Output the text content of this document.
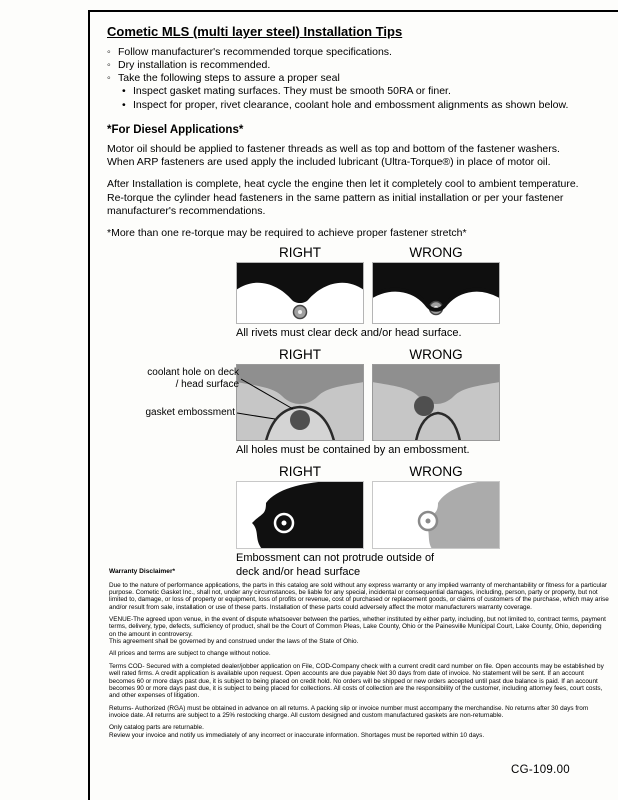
Cometic MLS (multi layer steel) Installation Tips
◦ Follow manufacturer's recommended torque specifications.
◦ Dry installation is recommended.
◦ Take the following steps to assure a proper seal
• Inspect gasket mating surfaces. They must be smooth 50RA or finer.
• Inspect for proper, rivet clearance, coolant hole and embossment alignments as shown below.
*For Diesel Applications*
Motor oil should be applied to fastener threads as well as top and bottom of the fastener washers. When ARP fasteners are used apply the included lubricant (Ultra-Torque®) in place of motor oil.
After Installation is complete, heat cycle the engine then let it completely cool to ambient temperature. Re-torque the cylinder head fasteners in the same pattern as initial installation or per your fastener manufacturer's recommendations.
*More than one re-torque may be required to achieve proper fastener stretch*
RIGHT	WRONG
All rivets must clear deck and/or head surface.
RIGHT	WRONG
coolant hole on deck / head surface
gasket embossment
All holes must be contained by an embossment.
RIGHT	WRONG
Embossment can not protrude outside of deck and/or head surface
Warranty Disclaimer*
Due to the nature of performance applications, the parts in this catalog are sold without any express warranty or any implied warranty of merchantability or fitness for a particular purpose. Cometic Gasket Inc., shall not, under any circumstances, be liable for any special, incidental or consequential damages, including, person, party or property, but not limited to, damage, or loss of property or equipment, loss of profits or revenue, cost of purchased or replacement goods, or claims of customers of the purchase, which may arise and/or result from sale, installation or use of these parts. Installation of these parts could adversely affect the motor manufacturers warranty coverage.
VENUE-The agreed upon venue, in the event of dispute whatsoever between the parties, whether instituted by either party, including, but not limited to, contract terms, payment terms, delivery, type, defects, sufficiency of product, shall be the Court of Common Pleas, Lake County, Ohio or the Painesville Municipal Court, Lake County, Ohio, depending on the amount in controversy.
This agreement shall be governed by and construed under the laws of the State of Ohio.
All prices and terms are subject to change without notice.
Terms COD- Secured with a completed dealer/jobber application on File, COD-Company check with a current credit card number on file. Open accounts may be established by well rated firms. A credit application is available upon request. Open accounts are due payable Net 30 days from date of invoice. No statement will be sent. If an account becomes 60 or more days past due, it is subject to being placed on credit hold. No orders will be shipped or new orders accepted until past due balance is paid. If an account becomes 90 or more days past due, it is subject to being placed for collections. All costs of collection are the responsibility of the customer, including attorney fees, court costs, and other expenses of litigation.
Returns- Authorized (RGA) must be obtained in advance on all returns. A packing slip or invoice number must accompany the merchandise. No returns after 30 days from invoice date. All returns are subject to a 25% restocking charge. All custom designed and custom manufactured gaskets are non-returnable.
Only catalog parts are returnable.
Review your invoice and notify us immediately of any incorrect or inaccurate information. Shortages must be reported within 10 days.
CG-109.00
